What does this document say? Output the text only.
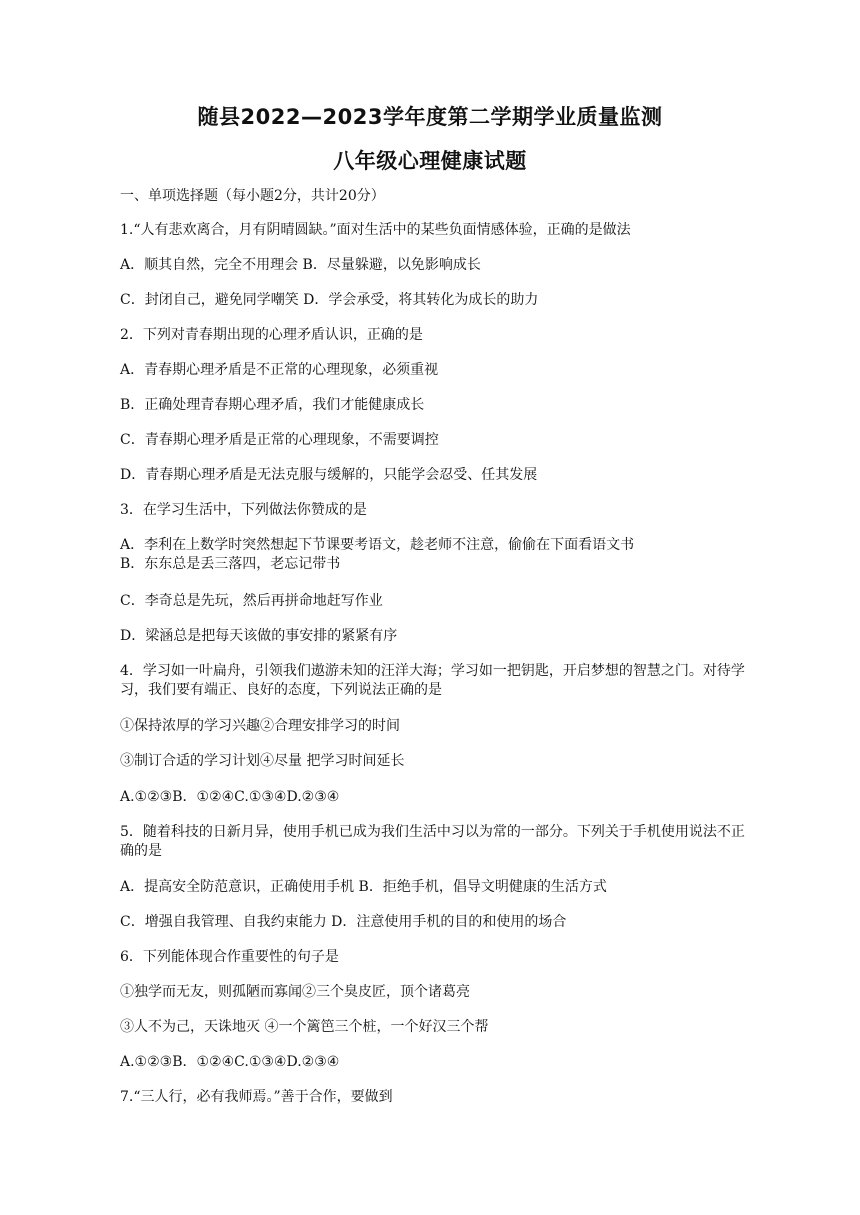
随县2022—2023学年度第二学期学业质量监测
八年级心理健康试题
一、单项选择题（每小题2分，共计20分）
1.“人有悲欢离合，月有阴晴圆缺。”面对生活中的某些负面情感体验，正确的是做法
A．顺其自然，完全不用理会 B．尽量躲避，以免影响成长
C．封闭自己，避免同学嘲笑 D．学会承受，将其转化为成长的助力
2．下列对青春期出现的心理矛盾认识，正确的是
A．青春期心理矛盾是不正常的心理现象，必须重视
B．正确处理青春期心理矛盾，我们才能健康成长
C．青春期心理矛盾是正常的心理现象，不需要调控
D．青春期心理矛盾是无法克服与缓解的，只能学会忍受、任其发展
3．在学习生活中，下列做法你赞成的是
A．李利在上数学时突然想起下节课要考语文，趁老师不注意，偷偷在下面看语文书
B．东东总是丢三落四，老忘记带书
C．李奇总是先玩，然后再拼命地赶写作业
D．梁涵总是把每天该做的事安排的紧紧有序
4．学习如一叶扁舟，引领我们遨游未知的汪洋大海；学习如一把钥匙，开启梦想的智慧之门。对待学习，我们要有端正、良好的态度，下列说法正确的是
①保持浓厚的学习兴趣②合理安排学习的时间
③制订合适的学习计划④尽量 把学习时间延长
A.①②③B．①②④C.①③④D.②③④
5．随着科技的日新月异，使用手机已成为我们生活中习以为常的一部分。下列关于手机使用说法不正确的是
A．提高安全防范意识，正确使用手机 B．拒绝手机，倡导文明健康的生活方式
C．增强自我管理、自我约束能力 D．注意使用手机的目的和使用的场合
6．下列能体现合作重要性的句子是
①独学而无友，则孤陋而寡闻②三个臭皮匠，顶个诸葛亮
③人不为己，天诛地灭 ④一个篱笆三个桩，一个好汉三个帮
A.①②③B．①②④C.①③④D.②③④
7.“三人行，必有我师焉。”善于合作，要做到
